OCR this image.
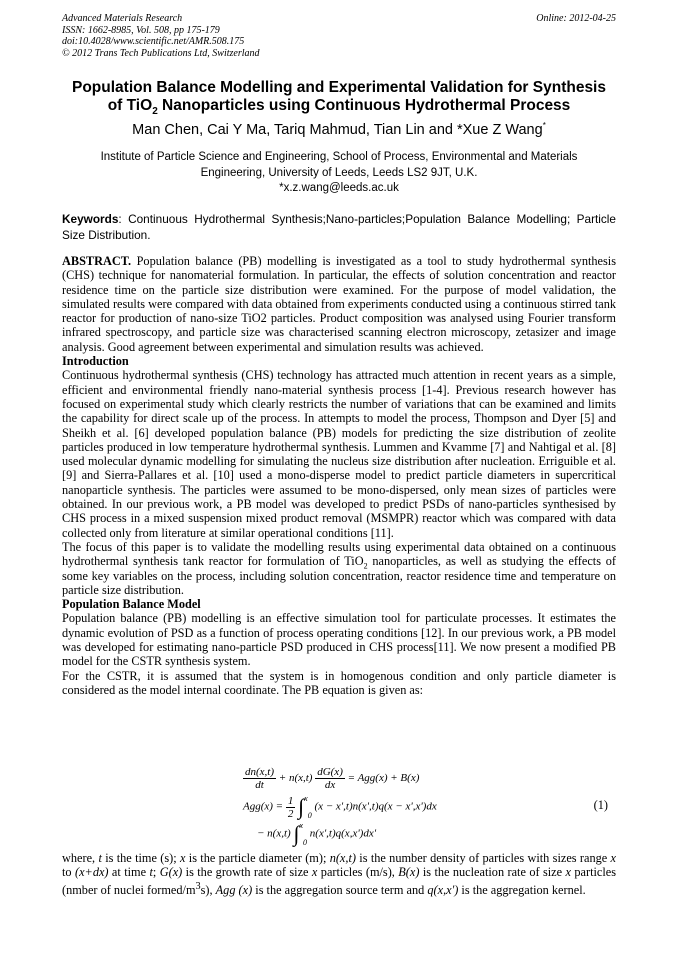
Advanced Materials Research
ISSN: 1662-8985, Vol. 508, pp 175-179
doi:10.4028/www.scientific.net/AMR.508.175
© 2012 Trans Tech Publications Ltd, Switzerland
Online: 2012-04-25
Population Balance Modelling and Experimental Validation for Synthesis
of TiO$_2$ Nanoparticles using Continuous Hydrothermal Process
Man Chen, Cai Y Ma, Tariq Mahmud, Tian Lin and *Xue Z Wang*
Institute of Particle Science and Engineering, School of Process, Environmental and Materials
Engineering, University of Leeds, Leeds LS2 9JT, U.K.
*x.z.wang@leeds.ac.uk
Keywords: Continuous Hydrothermal Synthesis;Nano-particles;Population Balance Modelling; Particle Size Distribution.

ABSTRACT. Population balance (PB) modelling is investigated as a tool to study hydrothermal synthesis (CHS) technique for nanomaterial formulation. In particular, the effects of solution concentration and reactor residence time on the particle size distribution were examined. For the purpose of model validation, the simulated results were compared with data obtained from experiments conducted using a continuous stirred tank reactor for production of nano-size TiO2 particles. Product composition was analysed using Fourier transform infrared spectroscopy, and particle size was characterised scanning electron microscopy, zetasizer and image analysis. Good agreement between experimental and simulation results was achieved.

Introduction

Continuous hydrothermal synthesis (CHS) technology has attracted much attention in recent years as a simple, efficient and environmental friendly nano-material synthesis process [1-4]. Previous research however has focused on experimental study which clearly restricts the number of variations that can be examined and limits the capability for direct scale up of the process. In attempts to model the process, Thompson and Dyer [5] and Sheikh et al. [6] developed population balance (PB) models for predicting the size distribution of zeolite particles produced in low temperature hydrothermal synthesis. Lummen and Kvamme [7] and Nahtigal et al. [8] used molecular dynamic modelling for simulating the nucleus size distribution after nucleation. Erriguible et al. [9] and Sierra-Pallares et al. [10] used a mono-disperse model to predict particle diameters in supercritical nanoparticle synthesis. The particles were assumed to be mono-dispersed, only mean sizes of particles were obtained. In our previous work, a PB model was developed to predict PSDs of nano-particles synthesised by CHS process in a mixed suspension mixed product removal (MSMPR) reactor which was compared with data collected only from literature at similar operational conditions [11].

The focus of this paper is to validate the modelling results using experimental data obtained on a continuous hydrothermal synthesis tank reactor for formulation of TiO$_2$ nanoparticles, as well as studying the effects of some key variables on the process, including solution concentration, reactor residence time and temperature on particle size distribution.

Population Balance Model

Population balance (PB) modelling is an effective simulation tool for particulate processes. It estimates the dynamic evolution of PSD as a function of process operating conditions [12]. In our previous work, a PB model was developed for estimating nano-particle PSD produced in CHS process[11]. We now present a modified PB model for the CSTR synthesis system.

For the CSTR, it is assumed that the system is in homogenous condition and only particle diameter is considered as the model internal coordinate. The PB equation is given as:

$\frac{dn(x,t)}{dt} + n(x,t) \frac{dG(x)}{dx} = Agg(x) + B(x)$
$Agg(x) = \frac{1}{2} \int^x0$ (x − x',t)n(x',t)q(x − x',x')dx
− n(x,t) ∫$^x$0 n(x',t)q(x,x')dx'
(1)
where, t is the time (s); x is the particle diameter (m); n(x,t) is the number density of particles with sizes range x to (x+dx) at time t; G(x) is the growth rate of size x particles (m/s), B(x) is the nucleation rate of size x particles (nmber of nuclei formed/$m^3s$), Agg (x) is the aggregation source term and q(x,x') is the aggregation kernel.
